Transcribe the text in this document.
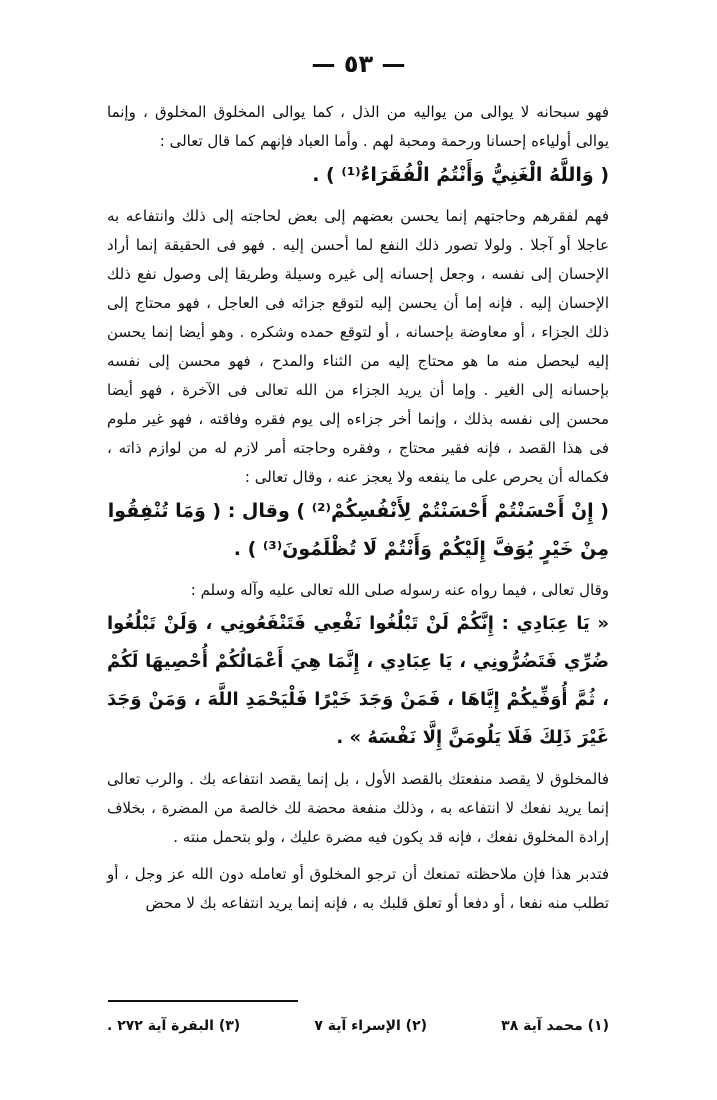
— ٥٣ —

فهو سبحانه لا يوالى من يواليه من الذل ، كما يوالى المخلوق المخلوق ، وإنما يوالى أولياءه إحسانا ورحمة ومحبة لهم . وأما العباد فإنهم كما قال تعالى :

( وَاللَّهُ الْغَنِيُّ وَأَنْتُمُ الْفُقَرَاءُ⁽¹⁾ ) .

فهم لفقرهم وحاجتهم إنما يحسن بعضهم إلى بعض لحاجته إلى ذلك وانتفاعه به عاجلا أو آجلا . ولولا تصور ذلك النفع لما أحسن إليه . فهو فى الحقيقة إنما أراد الإحسان إلى نفسه ، وجعل إحسانه إلى غيره وسيلة وطريقا إلى وصول نفع ذلك الإحسان إليه . فإنه إما أن يحسن إليه لتوقع جزائه فى العاجل ، فهو محتاج إلى ذلك الجزاء ، أو معاوضة بإحسانه ، أو لتوقع حمده وشكره . وهو أيضا إنما يحسن إليه ليحصل منه ما هو محتاج إليه من الثناء والمدح ، فهو محسن إلى نفسه بإحسانه إلى الغير . وإما أن يريد الجزاء من الله تعالى فى الآخرة ، فهو أيضا محسن إلى نفسه بذلك ، وإنما أخر جزاءه إلى يوم فقره وفاقته ، فهو غير ملوم فى هذا القصد ، فإنه فقير محتاج ، وفقره وحاجته أمر لازم له من لوازم ذاته ، فكماله أن يحرص على ما ينفعه ولا يعجز عنه ، وقال تعالى :

( إِنْ أَحْسَنْتُمْ أَحْسَنْتُمْ لِأَنْفُسِكُمْ⁽²⁾ ) وقال : ( وَمَا تُنْفِقُوا مِنْ خَيْرٍ يُوَفَّ إِلَيْكُمْ وَأَنْتُمْ لَا تُظْلَمُونَ⁽³⁾ ) .

وقال تعالى ، فيما رواه عنه رسوله صلى الله تعالى عليه وآله وسلم :

« يَا عِبَادِي : إِنَّكُمْ لَنْ تَبْلُغُوا نَفْعِي فَتَنْفَعُونِي ، وَلَنْ تَبْلُغُوا ضُرِّي فَتَضُرُّونِي ، يَا عِبَادِي ، إِنَّمَا هِيَ أَعْمَالُكُمْ أُحْصِيهَا لَكُمْ ، ثُمَّ أُوَفِّيكُمْ إِيَّاهَا ، فَمَنْ وَجَدَ خَيْرًا فَلْيَحْمَدِ اللَّهَ ، وَمَنْ وَجَدَ غَيْرَ ذَلِكَ فَلَا يَلُومَنَّ إِلَّا نَفْسَهُ » .

فالمخلوق لا يقصد منفعتك بالقصد الأول ، بل إنما يقصد انتفاعه بك . والرب تعالى إنما يريد نفعك لا انتفاعه به ، وذلك منفعة محضة لك خالصة من المضرة ، بخلاف إرادة المخلوق نفعك ، فإنه قد يكون فيه مضرة عليك ، ولو بتحمل منته .

فتدبر هذا فإن ملاحظته تمنعك أن ترجو المخلوق أو تعامله دون الله عز وجل ، أو تطلب منه نفعا ، أو دفعا أو تعلق قلبك به ، فإنه إنما يريد انتفاعه بك لا محض

(١) محمد آية ٣٨
(٢) الإسراء آية ٧
(٣) البقرة آية ٢٧٢ .
